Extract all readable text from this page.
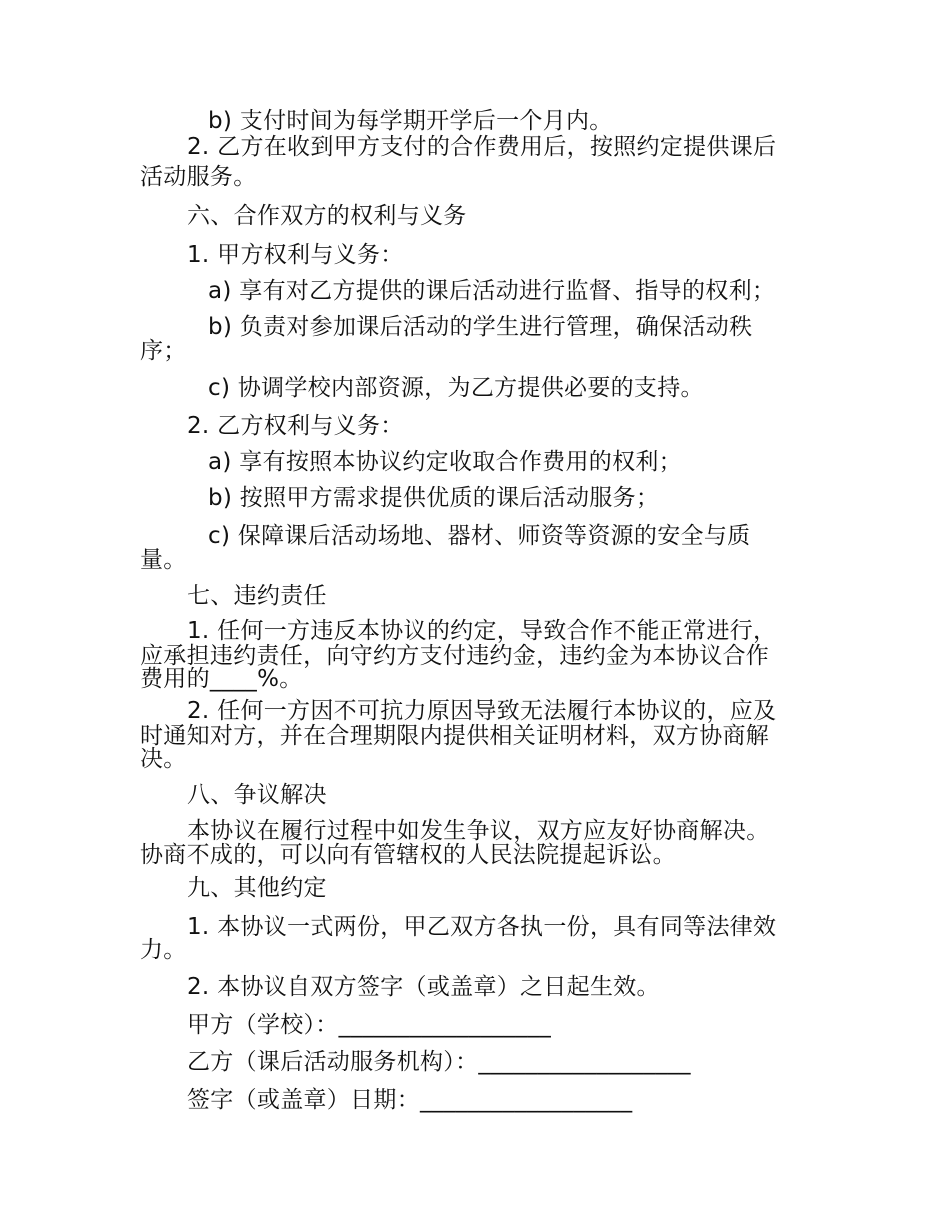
b) 支付时间为每学期开学后一个月内。
2. 乙方在收到甲方支付的合作费用后，按照约定提供课后
活动服务。
六、合作双方的权利与义务
1. 甲方权利与义务：
a) 享有对乙方提供的课后活动进行监督、指导的权利；
b) 负责对参加课后活动的学生进行管理，确保活动秩
序；
c) 协调学校内部资源，为乙方提供必要的支持。
2. 乙方权利与义务：
a) 享有按照本协议约定收取合作费用的权利；
b) 按照甲方需求提供优质的课后活动服务；
c) 保障课后活动场地、器材、师资等资源的安全与质
量。
七、违约责任
1. 任何一方违反本协议的约定，导致合作不能正常进行，
应承担违约责任，向守约方支付违约金，违约金为本协议合作
费用的____%。
2. 任何一方因不可抗力原因导致无法履行本协议的，应及
时通知对方，并在合理期限内提供相关证明材料，双方协商解
决。
八、争议解决
本协议在履行过程中如发生争议，双方应友好协商解决。
协商不成的，可以向有管辖权的人民法院提起诉讼。
九、其他约定
1. 本协议一式两份，甲乙双方各执一份，具有同等法律效
力。
2. 本协议自双方签字（或盖章）之日起生效。
甲方（学校）：__________________
乙方（课后活动服务机构）：__________________
签字（或盖章）日期：__________________
